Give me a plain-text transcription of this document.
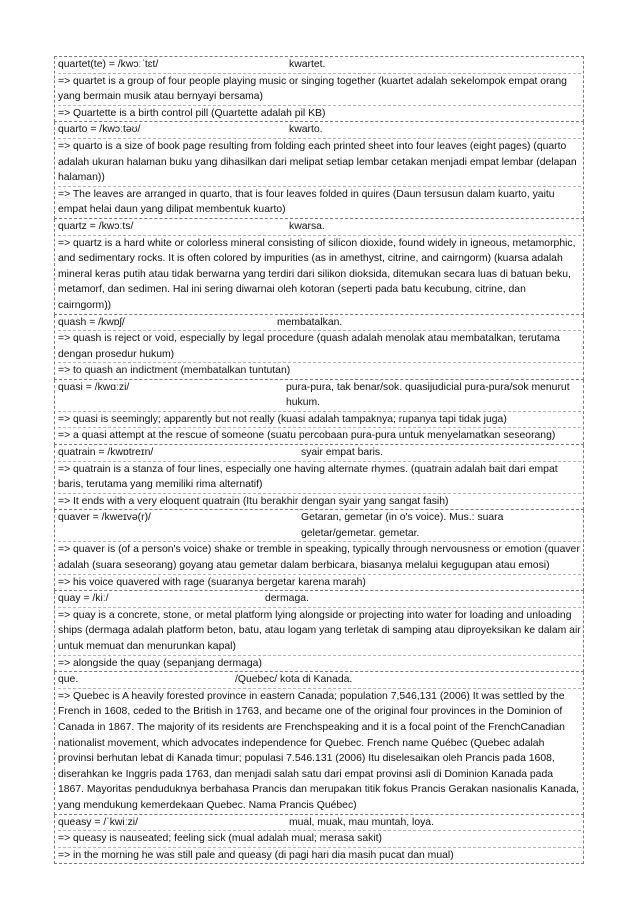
quartet(te) = /kwɔːˈtɛt/	kwartet.
=> quartet is a group of four people playing music or singing together (kuartet adalah sekelompok empat orang yang bermain musik atau bernyayi bersama)
=> Quartette is a birth control pill (Quartette adalah pil KB)
quarto = /kwɔːtəʊ/	kwarto.
=> quarto is a size of book page resulting from folding each printed sheet into four leaves (eight pages) (quarto adalah ukuran halaman buku yang dihasilkan dari melipat setiap lembar cetakan menjadi empat lembar (delapan halaman))
=> The leaves are arranged in quarto, that is four leaves folded in quires (Daun tersusun dalam kuarto, yaitu empat helai daun yang dilipat membentuk kuarto)
quartz = /kwɔːts/	kwarsa.
=> quartz is a hard white or colorless mineral consisting of silicon dioxide, found widely in igneous, metamorphic, and sedimentary rocks. It is often colored by impurities (as in amethyst, citrine, and cairngorm) (kuarsa adalah mineral keras putih atau tidak berwarna yang terdiri dari silikon dioksida, ditemukan secara luas di batuan beku, metamorf, dan sedimen. Hal ini sering diwarnai oleh kotoran (seperti pada batu kecubung, citrine, dan cairngorm))
quash = /kwɒʃ/	membatalkan.
=> quash is reject or void, especially by legal procedure (quash adalah menolak atau membatalkan, terutama dengan prosedur hukum)
=> to quash an indictment (membatalkan tuntutan)
quasi = /kwɑːzi/	pura-pura, tak benar/sok. quasijudicial pura-pura/sok menurut hukum.
=> quasi is seemingly; apparently but not really (kuasi adalah tampaknya; rupanya tapi tidak juga)
=> a quasi attempt at the rescue of someone (suatu percobaan pura-pura untuk menyelamatkan seseorang)
quatrain = /kwɒtreɪn/	syair empat baris.
=> quatrain is a stanza of four lines, especially one having alternate rhymes. (quatrain adalah bait dari empat baris, terutama yang memiliki rima alternatif)
=> It ends with a very eloquent quatrain (Itu berakhir dengan syair yang sangat fasih)
quaver = /kweɪvə(r)/	Getaran, gemetar (in o's voice). Mus.: suara geletar/gemetar. gemetar.
=> quaver is (of a person's voice) shake or tremble in speaking, typically through nervousness or emotion (quaver adalah (suara seseorang) goyang atau gemetar dalam berbicara, biasanya melalui kegugupan atau emosi)
=> his voice quavered with rage (suaranya bergetar karena marah)
quay = /kiː/	dermaga.
=> quay is a concrete, stone, or metal platform lying alongside or projecting into water for loading and unloading ships (dermaga adalah platform beton, batu, atau logam yang terletak di samping atau diproyeksikan ke dalam air untuk memuat dan menurunkan kapal)
=> alongside the quay (sepanjang dermaga)
que.	/Quebec/ kota di Kanada.
=> Quebec is A heavily forested province in eastern Canada; population 7,546,131 (2006) It was settled by the French in 1608, ceded to the British in 1763, and became one of the original four provinces in the Dominion of Canada in 1867. The majority of its residents are Frenchspeaking and it is a focal point of the FrenchCanadian nationalist movement, which advocates independence for Quebec. French name Québec (Quebec adalah provinsi berhutan lebat di Kanada timur; populasi 7.546.131 (2006) Itu diselesaikan oleh Prancis pada 1608, diserahkan ke Inggris pada 1763, dan menjadi salah satu dari empat provinsi asli di Dominion Kanada pada 1867. Mayoritas penduduknya berbahasa Prancis dan merupakan titik fokus Prancis Gerakan nasionalis Kanada, yang mendukung kemerdekaan Quebec. Nama Prancis Québec)
queasy = /ˈkwiːzi/	mual, muak, mau muntah, loya.
=> queasy is nauseated; feeling sick (mual adalah mual; merasa sakit)
=> in the morning he was still pale and queasy (di pagi hari dia masih pucat dan mual)
